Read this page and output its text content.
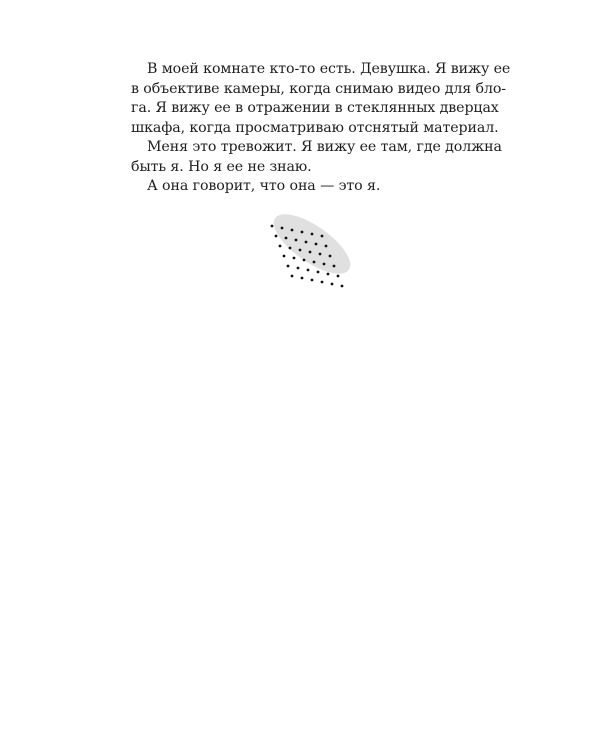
В моей комнате кто-то есть. Девушка. Я вижу ее
в объективе камеры, когда снимаю видео для бло-
га. Я вижу ее в отражении в стеклянных дверцах
шкафа, когда просматриваю отснятый материал.
Меня это тревожит. Я вижу ее там, где должна
быть я. Но я ее не знаю.
А она говорит, что она — это я.
